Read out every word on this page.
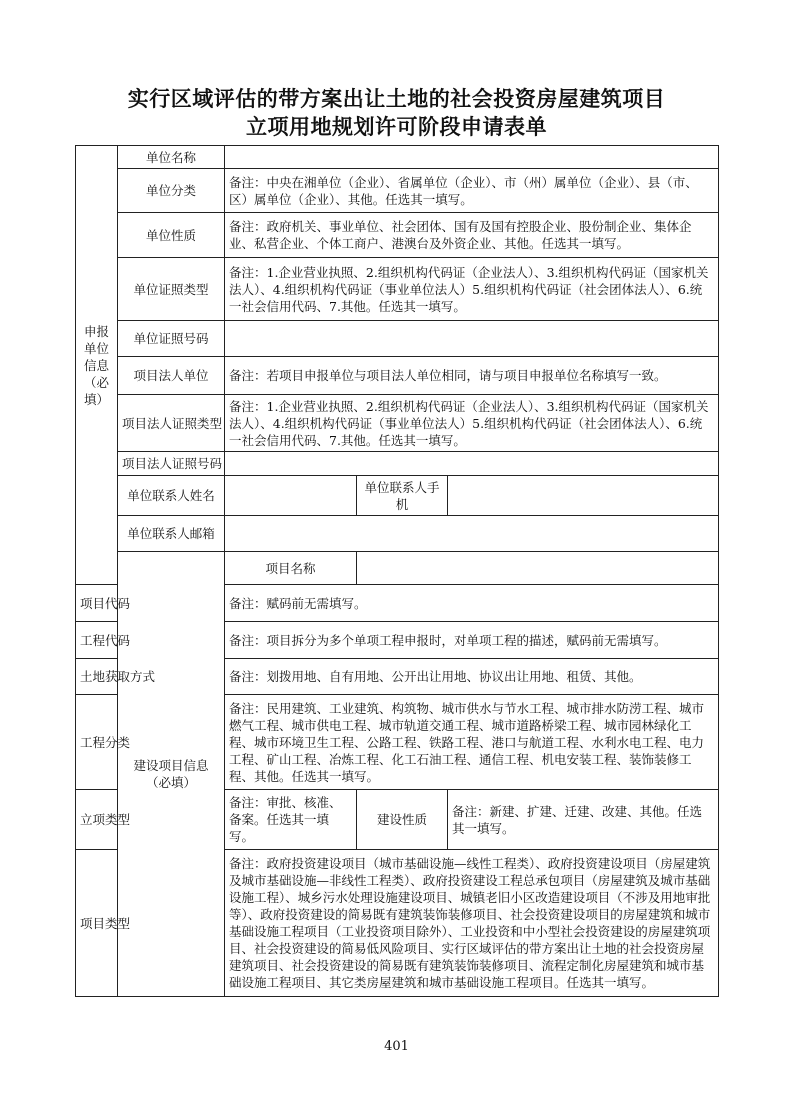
实行区域评估的带方案出让土地的社会投资房屋建筑项目
立项用地规划许可阶段申请表单
申报单位信息（必填）	单位名称			
	单位分类	备注：中央在湘单位（企业）、省属单位（企业）、市（州）属单位（企业）、县（市、区）属单位（企业）、其他。任选其一填写。		
	单位性质	备注：政府机关、事业单位、社会团体、国有及国有控股企业、股份制企业、集体企业、私营企业、个体工商户、港澳台及外资企业、其他。任选其一填写。		
	单位证照类型	备注：1.企业营业执照、2.组织机构代码证（企业法人）、3.组织机构代码证（国家机关法人）、4.组织机构代码证（事业单位法人）5.组织机构代码证（社会团体法人）、6.统一社会信用代码、7.其他。任选其一填写。		
	单位证照号码			
	项目法人单位	备注：若项目申报单位与项目法人单位相同，请与项目申报单位名称填写一致。		
	项目法人证照类型	备注：1.企业营业执照、2.组织机构代码证（企业法人）、3.组织机构代码证（国家机关法人）、4.组织机构代码证（事业单位法人）5.组织机构代码证（社会团体法人）、6.统一社会信用代码、7.其他。任选其一填写。		
	项目法人证照号码			
	单位联系人姓名		单位联系人手机	
	单位联系人邮箱			
	建设项目信息（必填）	项目名称		
项目代码		备注：赋码前无需填写。		
工程代码		备注：项目拆分为多个单项工程申报时，对单项工程的描述，赋码前无需填写。		
土地获取方式		备注：划拨用地、自有用地、公开出让用地、协议出让用地、租赁、其他。		
工程分类		备注：民用建筑、工业建筑、构筑物、城市供水与节水工程、城市排水防涝工程、城市燃气工程、城市供电工程、城市轨道交通工程、城市道路桥梁工程、城市园林绿化工程、城市环境卫生工程、公路工程、铁路工程、港口与航道工程、水利水电工程、电力工程、矿山工程、冶炼工程、化工石油工程、通信工程、机电安装工程、装饰装修工程、其他。任选其一填写。		
立项类型		备注：审批、核准、备案。任选其一填写。	建设性质	备注：新建、扩建、迁建、改建、其他。任选其一填写。
项目类型		备注：政府投资建设项目（城市基础设施—线性工程类）、政府投资建设项目（房屋建筑及城市基础设施—非线性工程类）、政府投资建设工程总承包项目（房屋建筑及城市基础设施工程）、城乡污水处理设施建设项目、城镇老旧小区改造建设项目（不涉及用地审批等）、政府投资建设的简易既有建筑装饰装修项目、社会投资建设项目的房屋建筑和城市基础设施工程项目（工业投资项目除外）、工业投资和中小型社会投资建设的房屋建筑项目、社会投资建设的简易低风险项目、实行区域评估的带方案出让土地的社会投资房屋建筑项目、社会投资建设的简易既有建筑装饰装修项目、流程定制化房屋建筑和城市基础设施工程项目、其它类房屋建筑和城市基础设施工程项目。任选其一填写。		
401
